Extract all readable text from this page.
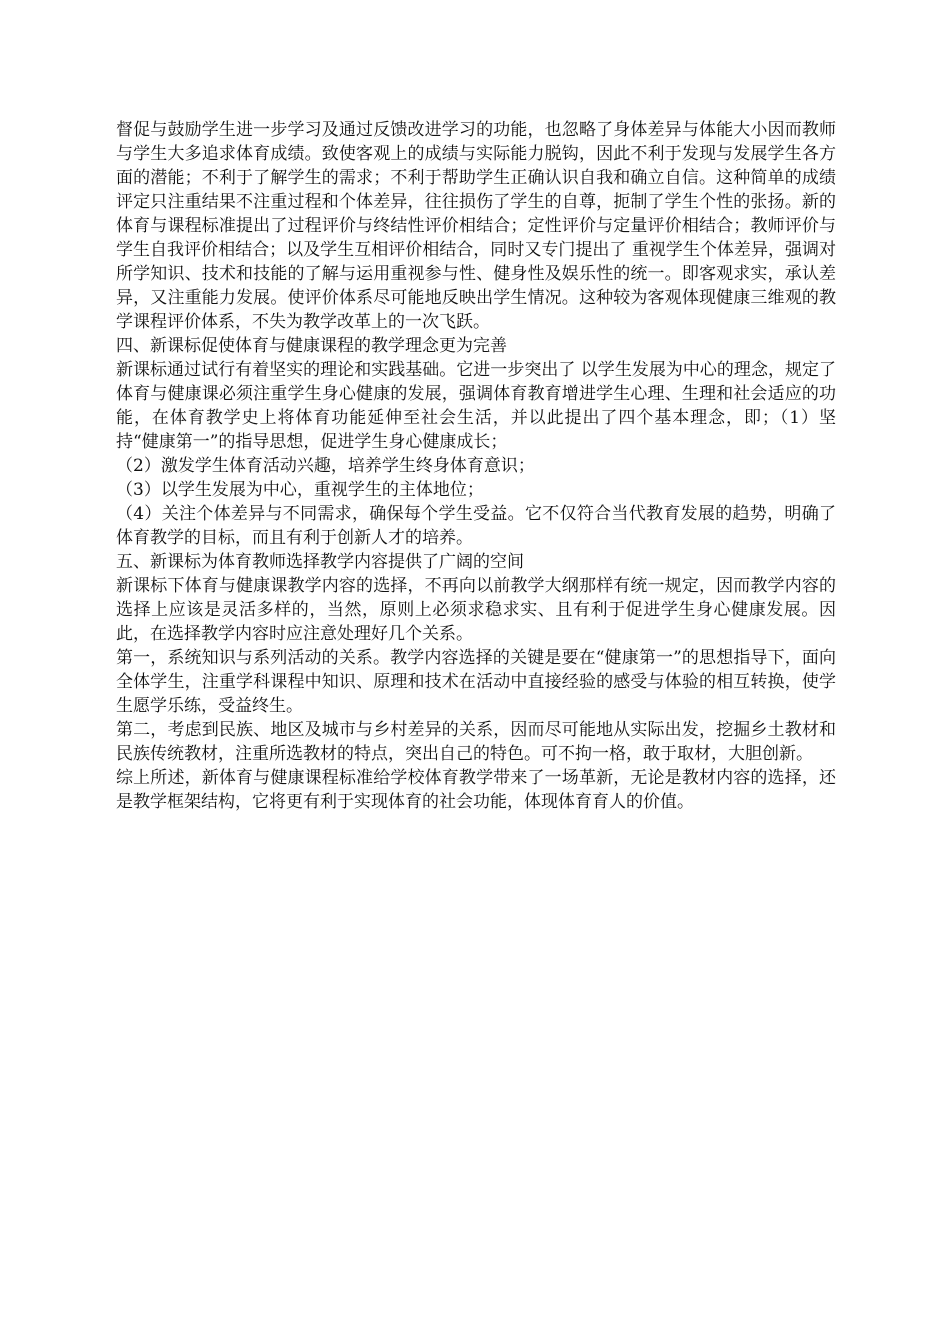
督促与鼓励学生进一步学习及通过反馈改进学习的功能，也忽略了身体差异与体能大小因而教师与学生大多追求体育成绩。致使客观上的成绩与实际能力脱钩，因此不利于发现与发展学生各方面的潜能；不利于了解学生的需求；不利于帮助学生正确认识自我和确立自信。这种简单的成绩评定只注重结果不注重过程和个体差异，往往损伤了学生的自尊，扼制了学生个性的张扬。新的体育与课程标准提出了过程评价与终结性评价相结合；定性评价与定量评价相结合；教师评价与学生自我评价相结合；以及学生互相评价相结合，同时又专门提出了 重视学生个体差异，强调对所学知识、技术和技能的了解与运用重视参与性、健身性及娱乐性的统一。即客观求实，承认差异，又注重能力发展。使评价体系尽可能地反映出学生情况。这种较为客观体现健康三维观的教学课程评价体系，不失为教学改革上的一次飞跃。

四、新课标促使体育与健康课程的教学理念更为完善

新课标通过试行有着坚实的理论和实践基础。它进一步突出了 以学生发展为中心的理念，规定了体育与健康课必须注重学生身心健康的发展，强调体育教育增进学生心理、生理和社会适应的功能，在体育教学史上将体育功能延伸至社会生活，并以此提出了四个基本理念，即；（1）坚持“健康第一”的指导思想，促进学生身心健康成长；

（2）激发学生体育活动兴趣，培养学生终身体育意识；

（3）以学生发展为中心，重视学生的主体地位；

（4）关注个体差异与不同需求，确保每个学生受益。它不仅符合当代教育发展的趋势，明确了体育教学的目标，而且有利于创新人才的培养。

五、新课标为体育教师选择教学内容提供了广阔的空间

新课标下体育与健康课教学内容的选择，不再向以前教学大纲那样有统一规定，因而教学内容的选择上应该是灵活多样的，当然，原则上必须求稳求实、且有利于促进学生身心健康发展。因此，在选择教学内容时应注意处理好几个关系。

第一，系统知识与系列活动的关系。教学内容选择的关键是要在“健康第一”的思想指导下，面向全体学生，注重学科课程中知识、原理和技术在活动中直接经验的感受与体验的相互转换，使学生愿学乐练，受益终生。

第二，考虑到民族、地区及城市与乡村差异的关系，因而尽可能地从实际出发，挖掘乡土教材和民族传统教材，注重所选教材的特点，突出自己的特色。可不拘一格，敢于取材，大胆创新。

综上所述，新体育与健康课程标准给学校体育教学带来了一场革新，无论是教材内容的选择，还是教学框架结构，它将更有利于实现体育的社会功能，体现体育育人的价值。
